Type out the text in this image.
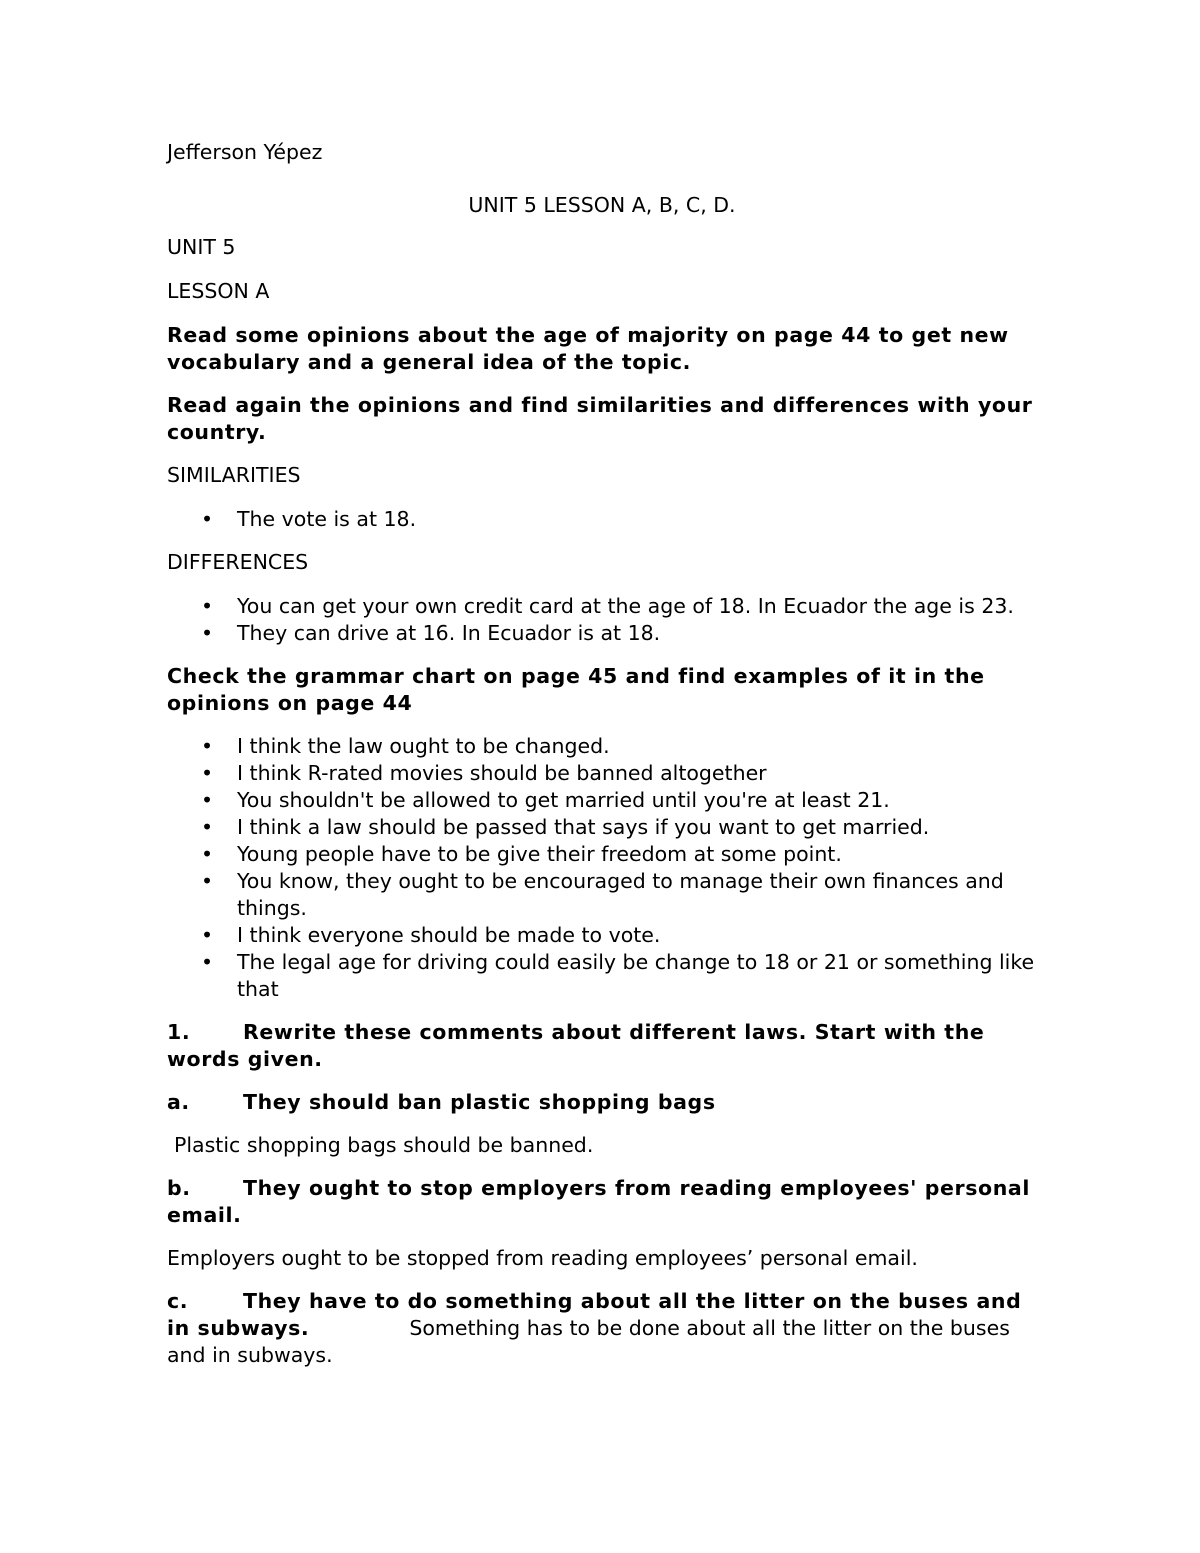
Jefferson Yépez

UNIT 5 LESSON A, B, C, D.

UNIT 5

LESSON A

Read some opinions about the age of majority on page 44 to get new vocabulary and a general idea of the topic.

Read again the opinions and find similarities and differences with your country.

SIMILARITIES

• The vote is at 18.

DIFFERENCES

• You can get your own credit card at the age of 18. In Ecuador the age is 23.
• They can drive at 16. In Ecuador is at 18.

Check the grammar chart on page 45 and find examples of it in the opinions on page 44

• I think the law ought to be changed.
• I think R-rated movies should be banned altogether
• You shouldn't be allowed to get married until you're at least 21.
• I think a law should be passed that says if you want to get married.
• Young people have to be give their freedom at some point.
• You know, they ought to be encouraged to manage their own finances and things.
• I think everyone should be made to vote.
• The legal age for driving could easily be change to 18 or 21 or something like that

1.	Rewrite these comments about different laws. Start with the words given.

a.	They should ban plastic shopping bags

Plastic shopping bags should be banned.

b.	They ought to stop employers from reading employees' personal email.

Employers ought to be stopped from reading employees’ personal email.

c.	They have to do something about all the litter on the buses and in subways.	Something has to be done about all the litter on the buses and in subways.
